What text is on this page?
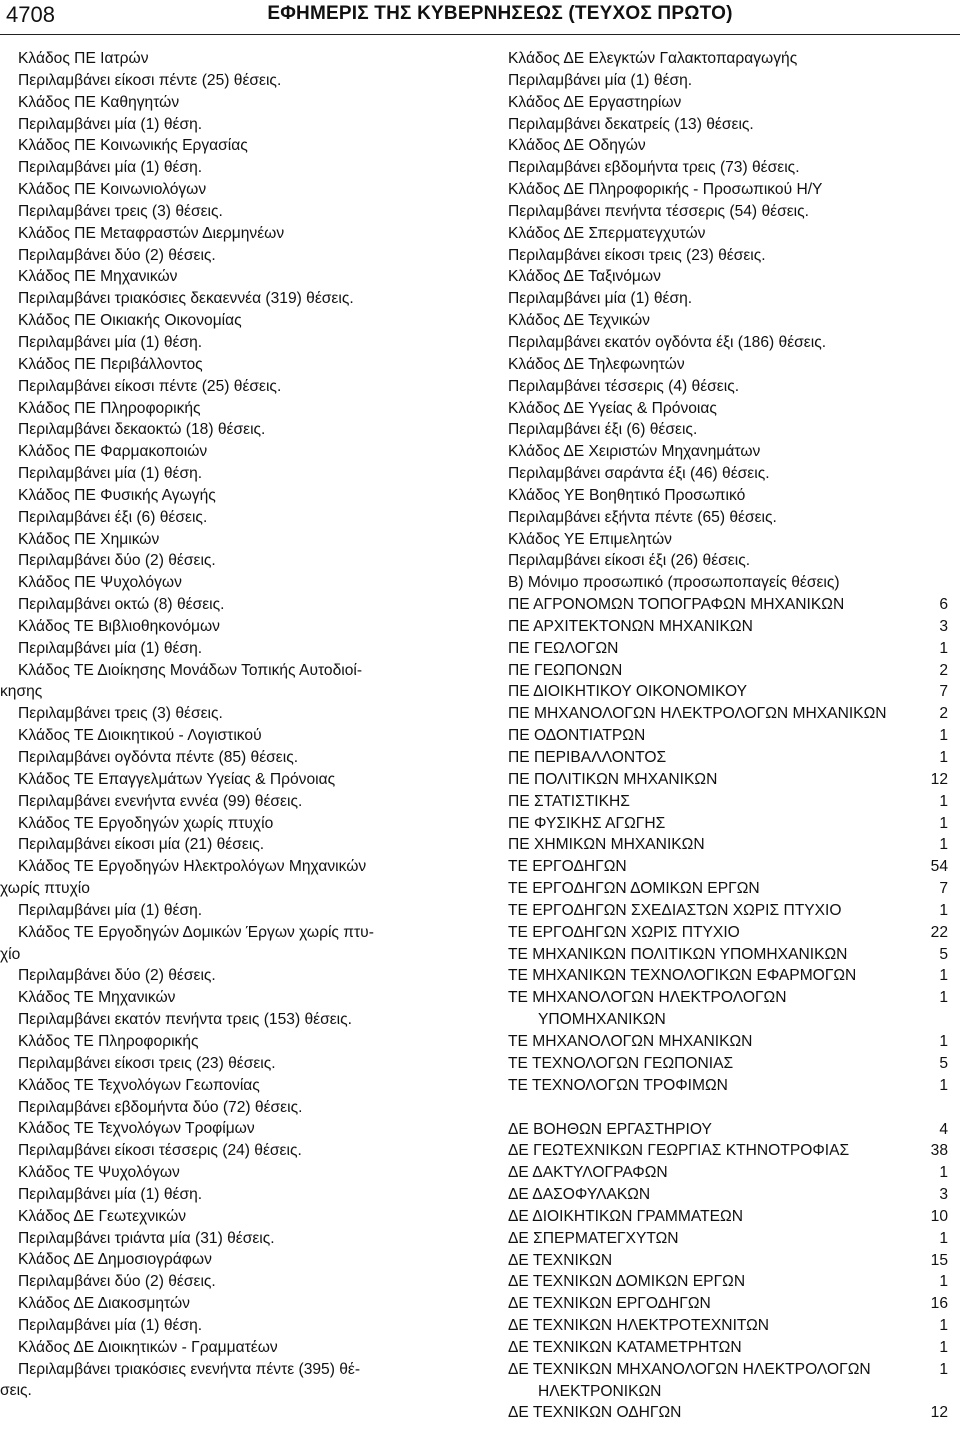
4708	ΕΦΗΜΕΡΙΣ ΤΗΣ ΚΥΒΕΡΝΗΣΕΩΣ (ΤΕΥΧΟΣ ΠΡΩΤΟ)
Κλάδος ΠΕ Ιατρών
Περιλαμβάνει είκοσι πέντε (25) θέσεις.
Κλάδος ΠΕ Καθηγητών
Περιλαμβάνει μία (1) θέση.
Κλάδος ΠΕ Κοινωνικής Εργασίας
Περιλαμβάνει μία (1) θέση.
Κλάδος ΠΕ Κοινωνιολόγων
Περιλαμβάνει τρεις (3) θέσεις.
Κλάδος ΠΕ Μεταφραστών Διερμηνέων
Περιλαμβάνει δύο (2) θέσεις.
Κλάδος ΠΕ Μηχανικών
Περιλαμβάνει τριακόσιες δεκαεννέα (319) θέσεις.
Κλάδος ΠΕ Οικιακής Οικονομίας
Περιλαμβάνει μία (1) θέση.
Κλάδος ΠΕ Περιβάλλοντος
Περιλαμβάνει είκοσι πέντε (25) θέσεις.
Κλάδος ΠΕ Πληροφορικής
Περιλαμβάνει δεκαοκτώ (18) θέσεις.
Κλάδος ΠΕ Φαρμακοποιών
Περιλαμβάνει μία (1) θέση.
Κλάδος ΠΕ Φυσικής Αγωγής
Περιλαμβάνει έξι (6) θέσεις.
Κλάδος ΠΕ Χημικών
Περιλαμβάνει δύο (2) θέσεις.
Κλάδος ΠΕ Ψυχολόγων
Περιλαμβάνει οκτώ (8) θέσεις.
Κλάδος ΤΕ Βιβλιοθηκονόμων
Περιλαμβάνει μία (1) θέση.
Κλάδος ΤΕ Διοίκησης Μονάδων Τοπικής Αυτοδιοί-
κησης
Περιλαμβάνει τρεις (3) θέσεις.
Κλάδος ΤΕ Διοικητικού - Λογιστικού
Περιλαμβάνει ογδόντα πέντε (85) θέσεις.
Κλάδος ΤΕ Επαγγελμάτων Υγείας & Πρόνοιας
Περιλαμβάνει ενενήντα εννέα (99) θέσεις.
Κλάδος ΤΕ Εργοδηγών χωρίς πτυχίο
Περιλαμβάνει είκοσι μία (21) θέσεις.
Κλάδος ΤΕ Εργοδηγών Ηλεκτρολόγων Μηχανικών
χωρίς πτυχίο
Περιλαμβάνει μία (1) θέση.
Κλάδος ΤΕ Εργοδηγών Δομικών Έργων χωρίς πτυ-
χίο
Περιλαμβάνει δύο (2) θέσεις.
Κλάδος ΤΕ Μηχανικών
Περιλαμβάνει εκατόν πενήντα τρεις (153) θέσεις.
Κλάδος ΤΕ Πληροφορικής
Περιλαμβάνει είκοσι τρεις (23) θέσεις.
Κλάδος ΤΕ Τεχνολόγων Γεωπονίας
Περιλαμβάνει εβδομήντα δύο (72) θέσεις.
Κλάδος ΤΕ Τεχνολόγων Τροφίμων
Περιλαμβάνει είκοσι τέσσερις (24) θέσεις.
Κλάδος ΤΕ Ψυχολόγων
Περιλαμβάνει μία (1) θέση.
Κλάδος ΔΕ Γεωτεχνικών
Περιλαμβάνει τριάντα μία (31) θέσεις.
Κλάδος ΔΕ Δημοσιογράφων
Περιλαμβάνει δύο (2) θέσεις.
Κλάδος ΔΕ Διακοσμητών
Περιλαμβάνει μία (1) θέση.
Κλάδος ΔΕ Διοικητικών - Γραμματέων
Περιλαμβάνει τριακόσιες ενενήντα πέντε (395) θέ-
σεις.
Κλάδος ΔΕ Ελεγκτών Γαλακτοπαραγωγής
Περιλαμβάνει μία (1) θέση.
Κλάδος ΔΕ Εργαστηρίων
Περιλαμβάνει δεκατρείς (13) θέσεις.
Κλάδος ΔΕ Οδηγών
Περιλαμβάνει εβδομήντα τρεις (73) θέσεις.
Κλάδος ΔΕ Πληροφορικής - Προσωπικού Η/Υ
Περιλαμβάνει πενήντα τέσσερις (54) θέσεις.
Κλάδος ΔΕ Σπερματεγχυτών
Περιλαμβάνει είκοσι τρεις (23) θέσεις.
Κλάδος ΔΕ Ταξινόμων
Περιλαμβάνει μία (1) θέση.
Κλάδος ΔΕ Τεχνικών
Περιλαμβάνει εκατόν ογδόντα έξι (186) θέσεις.
Κλάδος ΔΕ Τηλεφωνητών
Περιλαμβάνει τέσσερις (4) θέσεις.
Κλάδος ΔΕ Υγείας & Πρόνοιας
Περιλαμβάνει έξι (6) θέσεις.
Κλάδος ΔΕ Χειριστών Μηχανημάτων
Περιλαμβάνει σαράντα έξι (46) θέσεις.
Κλάδος ΥΕ Βοηθητικό Προσωπικό
Περιλαμβάνει εξήντα πέντε (65) θέσεις.
Κλάδος ΥΕ Επιμελητών
Περιλαμβάνει είκοσι έξι (26) θέσεις.
Β) Μόνιμο προσωπικό (προσωποπαγείς θέσεις)
ΠΕ ΑΓΡΟΝΟΜΩΝ ΤΟΠΟΓΡΑΦΩΝ ΜΗΧΑΝΙΚΩΝ	6
ΠΕ ΑΡΧΙΤΕΚΤΟΝΩΝ ΜΗΧΑΝΙΚΩΝ	3
ΠΕ ΓΕΩΛΟΓΩΝ	1
ΠΕ ΓΕΩΠΟΝΩΝ	2
ΠΕ ΔΙΟΙΚΗΤΙΚΟΥ ΟΙΚΟΝΟΜΙΚΟΥ	7
ΠΕ ΜΗΧΑΝΟΛΟΓΩΝ ΗΛΕΚΤΡΟΛΟΓΩΝ ΜΗΧΑΝΙΚΩΝ	2
ΠΕ ΟΔΟΝΤΙΑΤΡΩΝ	1
ΠΕ ΠΕΡΙΒΑΛΛΟΝΤΟΣ	1
ΠΕ ΠΟΛΙΤΙΚΩΝ ΜΗΧΑΝΙΚΩΝ	12
ΠΕ ΣΤΑΤΙΣΤΙΚΗΣ	1
ΠΕ ΦΥΣΙΚΗΣ ΑΓΩΓΗΣ	1
ΠΕ ΧΗΜΙΚΩΝ ΜΗΧΑΝΙΚΩΝ	1
ΤΕ ΕΡΓΟΔΗΓΩΝ	54
ΤΕ ΕΡΓΟΔΗΓΩΝ ΔΟΜΙΚΩΝ ΕΡΓΩΝ	7
ΤΕ ΕΡΓΟΔΗΓΩΝ ΣΧΕΔΙΑΣΤΩΝ ΧΩΡΙΣ ΠΤΥΧΙΟ	1
ΤΕ ΕΡΓΟΔΗΓΩΝ ΧΩΡΙΣ ΠΤΥΧΙΟ	22
ΤΕ ΜΗΧΑΝΙΚΩΝ ΠΟΛΙΤΙΚΩΝ ΥΠΟΜΗΧΑΝΙΚΩΝ	5
ΤΕ ΜΗΧΑΝΙΚΩΝ ΤΕΧΝΟΛΟΓΙΚΩΝ ΕΦΑΡΜΟΓΩΝ	1
ΤΕ ΜΗΧΑΝΟΛΟΓΩΝ ΗΛΕΚΤΡΟΛΟΓΩΝ	1
ΥΠΟΜΗΧΑΝΙΚΩΝ
ΤΕ ΜΗΧΑΝΟΛΟΓΩΝ ΜΗΧΑΝΙΚΩΝ	1
ΤΕ ΤΕΧΝΟΛΟΓΩΝ ΓΕΩΠΟΝΙΑΣ	5
ΤΕ ΤΕΧΝΟΛΟΓΩΝ ΤΡΟΦΙΜΩΝ	1
ΔΕ ΒΟΗΘΩΝ ΕΡΓΑΣΤΗΡΙΟΥ	4
ΔΕ ΓΕΩΤΕΧΝΙΚΩΝ ΓΕΩΡΓΙΑΣ ΚΤΗΝΟΤΡΟΦΙΑΣ	38
ΔΕ ΔΑΚΤΥΛΟΓΡΑΦΩΝ	1
ΔΕ ΔΑΣΟΦΥΛΑΚΩΝ	3
ΔΕ ΔΙΟΙΚΗΤΙΚΩΝ ΓΡΑΜΜΑΤΕΩΝ	10
ΔΕ ΣΠΕΡΜΑΤΕΓΧΥΤΩΝ	1
ΔΕ ΤΕΧΝΙΚΩΝ	15
ΔΕ ΤΕΧΝΙΚΩΝ ΔΟΜΙΚΩΝ ΕΡΓΩΝ	1
ΔΕ ΤΕΧΝΙΚΩΝ ΕΡΓΟΔΗΓΩΝ	16
ΔΕ ΤΕΧΝΙΚΩΝ ΗΛΕΚΤΡΟΤΕΧΝΙΤΩΝ	1
ΔΕ ΤΕΧΝΙΚΩΝ ΚΑΤΑΜΕΤΡΗΤΩΝ	1
ΔΕ ΤΕΧΝΙΚΩΝ ΜΗΧΑΝΟΛΟΓΩΝ ΗΛΕΚΤΡΟΛΟΓΩΝ	1
ΗΛΕΚΤΡΟΝΙΚΩΝ
ΔΕ ΤΕΧΝΙΚΩΝ ΟΔΗΓΩΝ	12
